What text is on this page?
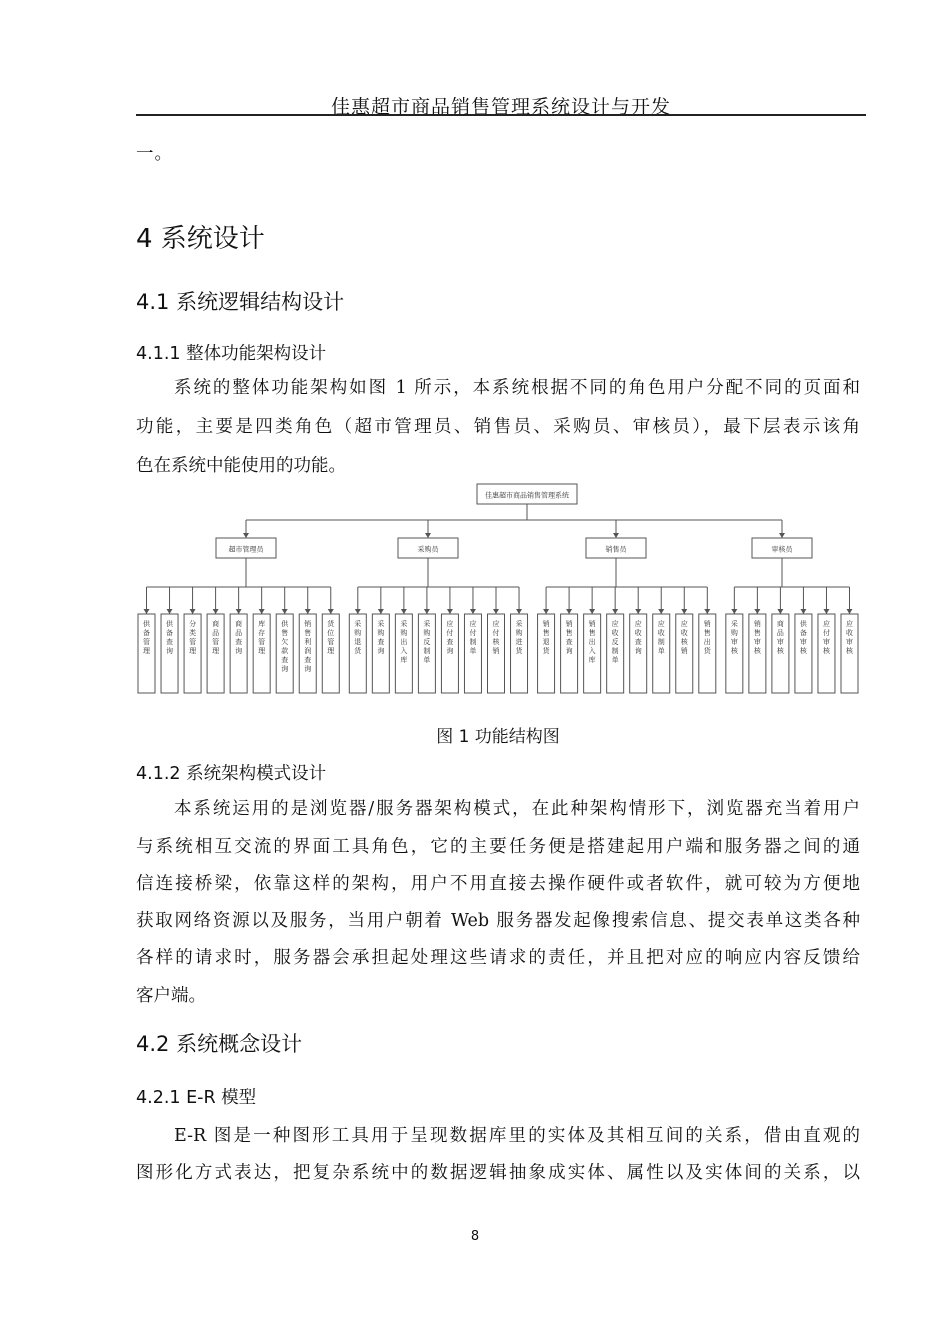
佳惠超市商品销售管理系统设计与开发
一。
4 系统设计
4.1 系统逻辑结构设计
4.1.1 整体功能架构设计
系统的整体功能架构如图 1 所示，本系统根据不同的角色用户分配不同的页面和
功能，主要是四类角色（超市管理员、销售员、采购员、审核员），最下层表示该角
色在系统中能使用的功能。
佳惠超市商品销售管理系统
超市管理员
供备管理
供备查询
分类管理
商品管理
商品查询
库存管理
供售欠款查询
销售利润查询
货位管理
采购员
采购退货
采购查询
采购出入库
采购反制单
应付查询
应付制单
应付核销
采购进货
销售员
销售退货
销售查询
销售出入库
应收反制单
应收查询
应收制单
应收核销
销售出货
审核员
采购审核
销售审核
商品审核
供备审核
应付审核
应收审核
图 1 功能结构图
4.1.2 系统架构模式设计
本系统运用的是浏览器/服务器架构模式，在此种架构情形下，浏览器充当着用户
与系统相互交流的界面工具角色，它的主要任务便是搭建起用户端和服务器之间的通
信连接桥梁，依靠这样的架构，用户不用直接去操作硬件或者软件，就可较为方便地
获取网络资源以及服务，当用户朝着 Web 服务器发起像搜索信息、提交表单这类各种
各样的请求时，服务器会承担起处理这些请求的责任，并且把对应的响应内容反馈给
客户端。
4.2 系统概念设计
4.2.1 E-R 模型
E-R 图是一种图形工具用于呈现数据库里的实体及其相互间的关系，借由直观的
图形化方式表达，把复杂系统中的数据逻辑抽象成实体、属性以及实体间的关系，以
8
